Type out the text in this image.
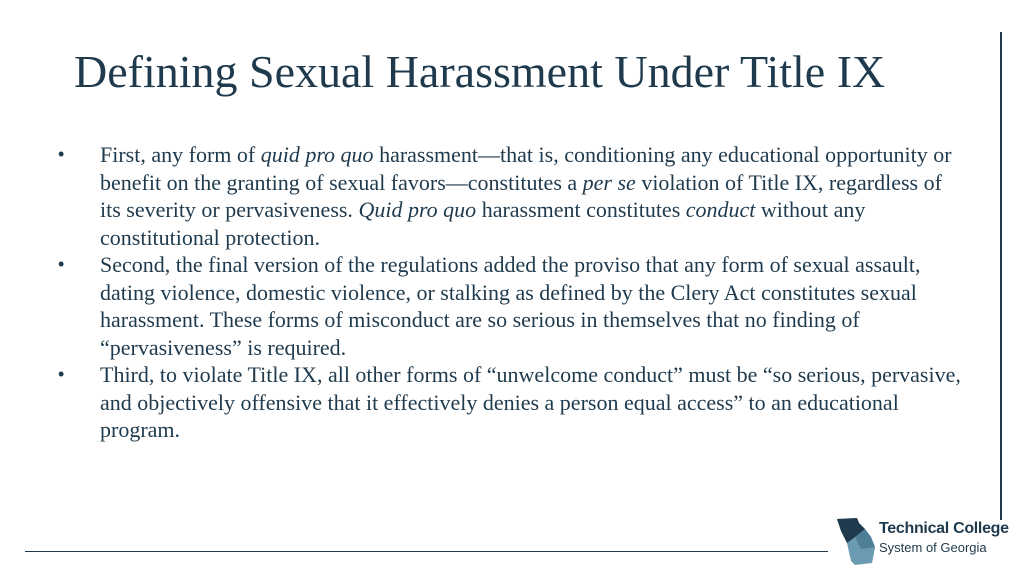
Defining Sexual Harassment Under Title IX
• First, any form of quid pro quo harassment—that is, conditioning any educational opportunity or benefit on the granting of sexual favors—constitutes a per se violation of Title IX, regardless of its severity or pervasiveness. Quid pro quo harassment constitutes conduct without any constitutional protection.
• Second, the final version of the regulations added the proviso that any form of sexual assault, dating violence, domestic violence, or stalking as defined by the Clery Act constitutes sexual harassment. These forms of misconduct are so serious in themselves that no finding of “pervasiveness” is required.
• Third, to violate Title IX, all other forms of “unwelcome conduct” must be “so serious, pervasive, and objectively offensive that it effectively denies a person equal access” to an educational program.
Technical College
System of Georgia
